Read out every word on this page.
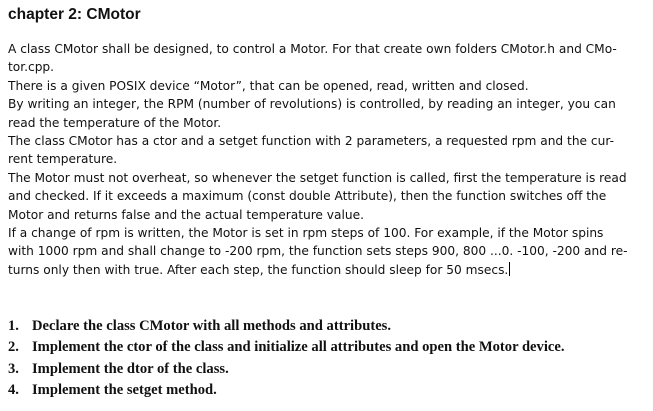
chapter 2: CMotor
A class CMotor shall be designed, to control a Motor. For that create own folders CMotor.h and CMo-
tor.cpp.
There is a given POSIX device “Motor”, that can be opened, read, written and closed.
By writing an integer, the RPM (number of revolutions) is controlled, by reading an integer, you can
read the temperature of the Motor.
The class CMotor has a ctor and a setget function with 2 parameters, a requested rpm and the cur-
rent temperature.
The Motor must not overheat, so whenever the setget function is called, first the temperature is read
and checked. If it exceeds a maximum (const double Attribute), then the function switches off the
Motor and returns false and the actual temperature value.
If a change of rpm is written, the Motor is set in rpm steps of 100. For example, if the Motor spins
with 1000 rpm and shall change to -200 rpm, the function sets steps 900, 800 ...0. -100, -200 and re-
turns only then with true. After each step, the function should sleep for 50 msecs.
1. Declare the class CMotor with all methods and attributes.
2. Implement the ctor of the class and initialize all attributes and open the Motor device.
3. Implement the dtor of the class.
4. Implement the setget method.
